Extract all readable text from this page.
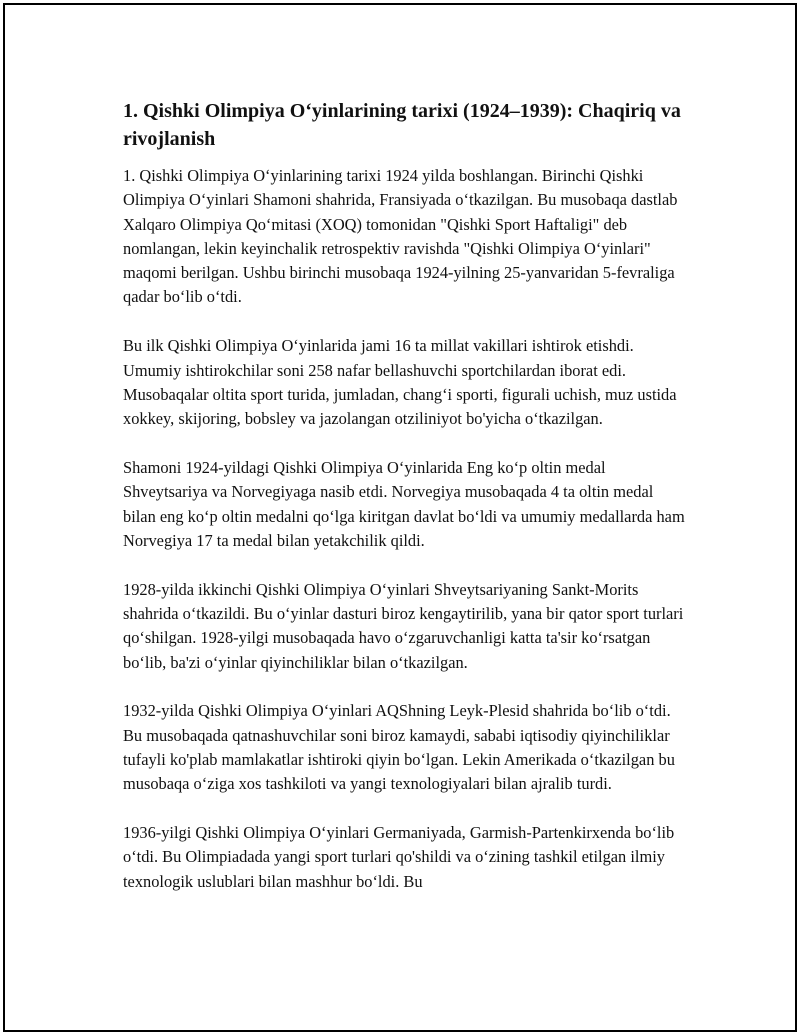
1. Qishki Olimpiya O‘yinlarining tarixi (1924–1939): Chaqiriq va rivojlanish

1. Qishki Olimpiya O‘yinlarining tarixi 1924 yilda boshlangan. Birinchi Qishki Olimpiya O‘yinlari Shamoni shahrida, Fransiyada o‘tkazilgan. Bu musobaqa dastlab Xalqaro Olimpiya Qo‘mitasi (XOQ) tomonidan "Qishki Sport Haftaligi" deb nomlangan, lekin keyinchalik retrospektiv ravishda "Qishki Olimpiya O‘yinlari" maqomi berilgan. Ushbu birinchi musobaqa 1924-yilning 25-yanvaridan 5-fevraliga qadar bo‘lib o‘tdi.

Bu ilk Qishki Olimpiya O‘yinlarida jami 16 ta millat vakillari ishtirok etishdi. Umumiy ishtirokchilar soni 258 nafar bellashuvchi sportchilardan iborat edi. Musobaqalar oltita sport turida, jumladan, chang‘i sporti, figurali uchish, muz ustida xokkey, skijoring, bobsley va jazolangan otziliniyot bo'yicha o‘tkazilgan.

Shamoni 1924-yildagi Qishki Olimpiya O‘yinlarida Eng ko‘p oltin medal Shveytsariya va Norvegiyaga nasib etdi. Norvegiya musobaqada 4 ta oltin medal bilan eng ko‘p oltin medalni qo‘lga kiritgan davlat bo‘ldi va umumiy medallarda ham Norvegiya 17 ta medal bilan yetakchilik qildi.

1928-yilda ikkinchi Qishki Olimpiya O‘yinlari Shveytsariyaning Sankt-Morits shahrida o‘tkazildi. Bu o‘yinlar dasturi biroz kengaytirilib, yana bir qator sport turlari qo‘shilgan. 1928-yilgi musobaqada havo o‘zgaruvchanligi katta ta'sir ko‘rsatgan bo‘lib, ba'zi o‘yinlar qiyinchiliklar bilan o‘tkazilgan.

1932-yilda Qishki Olimpiya O‘yinlari AQShning Leyk-Plesid shahrida bo‘lib o‘tdi. Bu musobaqada qatnashuvchilar soni biroz kamaydi, sababi iqtisodiy qiyinchiliklar tufayli ko'plab mamlakatlar ishtiroki qiyin bo‘lgan. Lekin Amerikada o‘tkazilgan bu musobaqa o‘ziga xos tashkiloti va yangi texnologiyalari bilan ajralib turdi.

1936-yilgi Qishki Olimpiya O‘yinlari Germaniyada, Garmish-Partenkirxenda bo‘lib o‘tdi. Bu Olimpiadada yangi sport turlari qo'shildi va o‘zining tashkil etilgan ilmiy texnologik uslublari bilan mashhur bo‘ldi. Bu
